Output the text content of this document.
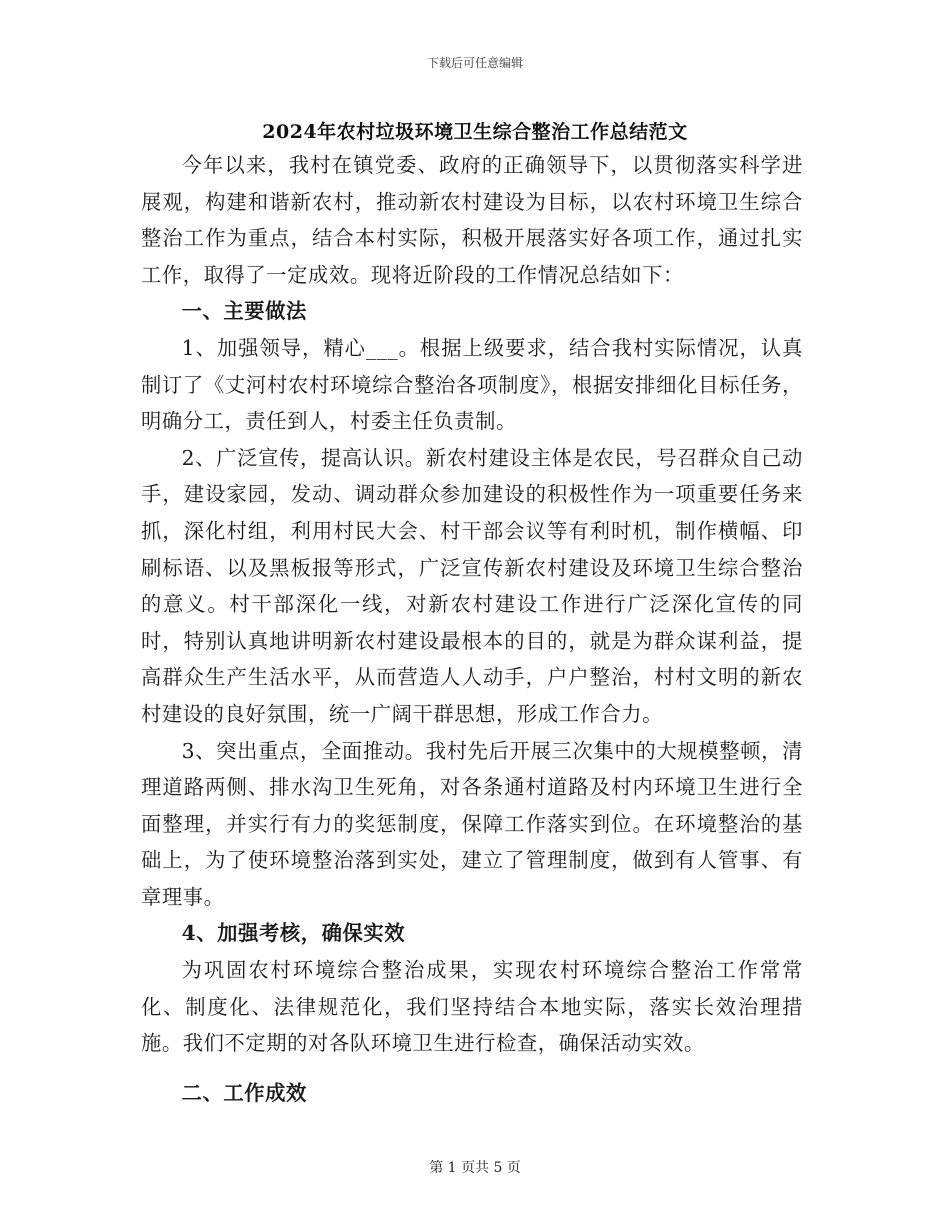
下载后可任意编辑
2024年农村垃圾环境卫生综合整治工作总结范文

今年以来，我村在镇党委、政府的正确领导下，以贯彻落实科学进展观，构建和谐新农村，推动新农村建设为目标，以农村环境卫生综合整治工作为重点，结合本村实际，积极开展落实好各项工作，通过扎实工作，取得了一定成效。现将近阶段的工作情况总结如下：

一、主要做法

1、加强领导，精心___。根据上级要求，结合我村实际情况，认真制订了《丈河村农村环境综合整治各项制度》，根据安排细化目标任务，明确分工，责任到人，村委主任负责制。

2、广泛宣传，提高认识。新农村建设主体是农民，号召群众自己动手，建设家园，发动、调动群众参加建设的积极性作为一项重要任务来抓，深化村组，利用村民大会、村干部会议等有利时机，制作横幅、印刷标语、以及黑板报等形式，广泛宣传新农村建设及环境卫生综合整治的意义。村干部深化一线，对新农村建设工作进行广泛深化宣传的同时，特别认真地讲明新农村建设最根本的目的，就是为群众谋利益，提高群众生产生活水平，从而营造人人动手，户户整治，村村文明的新农村建设的良好氛围，统一广阔干群思想，形成工作合力。

3、突出重点，全面推动。我村先后开展三次集中的大规模整顿，清理道路两侧、排水沟卫生死角，对各条通村道路及村内环境卫生进行全面整理，并实行有力的奖惩制度，保障工作落实到位。在环境整治的基础上，为了使环境整治落到实处，建立了管理制度，做到有人管事、有章理事。

4、加强考核，确保实效

为巩固农村环境综合整治成果，实现农村环境综合整治工作常常化、制度化、法律规范化，我们坚持结合本地实际，落实长效治理措施。我们不定期的对各队环境卫生进行检查，确保活动实效。

二、工作成效
第 1 页共 5 页
